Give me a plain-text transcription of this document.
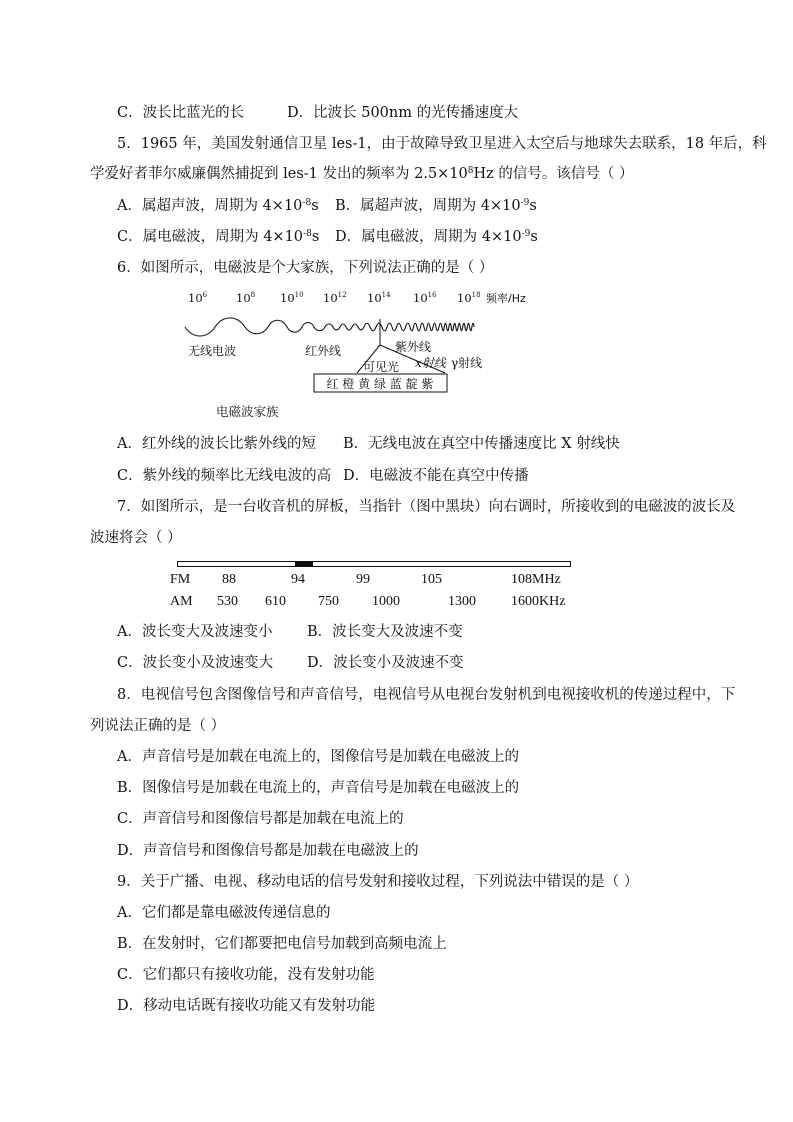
C．波长比蓝光的长	D．比波长 500nm 的光传播速度大
5．1965 年，美国发射通信卫星 les-1，由于故障导致卫星进入太空后与地球失去联系，18 年后，科
学爱好者菲尔威廉偶然捕捉到 les-1 发出的频率为 $2.5\times 10^8Hz$ 的信号。该信号（ ）
A．属超声波，周期为 $4\times 10^{-8}s$ B．属超声波，周期为 $4\times 10^{-9}s$
C．属电磁波，周期为 $4\times 10^{-8}s$ D．属电磁波，周期为 $4\times 10^{-9}s$
6．如图所示，电磁波是个大家族，下列说法正确的是（ ）
$10^6$	$10^8$ $10^{10}$ $10^{12}$ $10^{14}$ $10^{16}$ $10^{18}$ 频率/Hz
无线电波	红外线	紫外线
x射线 γ射线
可见光
红 橙 黄 绿 蓝 靛 紫
电磁波家族
A．红外线的波长比紫外线的短 B．无线电波在真空中传播速度比 X 射线快
C．紫外线的频率比无线电波的高 D．电磁波不能在真空中传播
7．如图所示，是一台收音机的屏板，当指针（图中黑块）向右调时，所接收到的电磁波的波长及
波速将会（ ）
FM 88	94	99	105	108MHz
AM 530 610 750 1000	1300	1600KHz
A．波长变大及波速变小 B．波长变大及波速不变
C．波长变小及波速变大 D．波长变小及波速不变
8．电视信号包含图像信号和声音信号，电视信号从电视台发射机到电视接收机的传递过程中，下
列说法正确的是（ ）
A．声音信号是加载在电流上的，图像信号是加载在电磁波上的
B．图像信号是加载在电流上的，声音信号是加载在电磁波上的
C．声音信号和图像信号都是加载在电流上的
D．声音信号和图像信号都是加载在电磁波上的
9．关于广播、电视、移动电话的信号发射和接收过程，下列说法中错误的是（ ）
A．它们都是靠电磁波传递信息的
B．在发射时，它们都要把电信号加载到高频电流上
C．它们都只有接收功能，没有发射功能
D．移动电话既有接收功能又有发射功能
